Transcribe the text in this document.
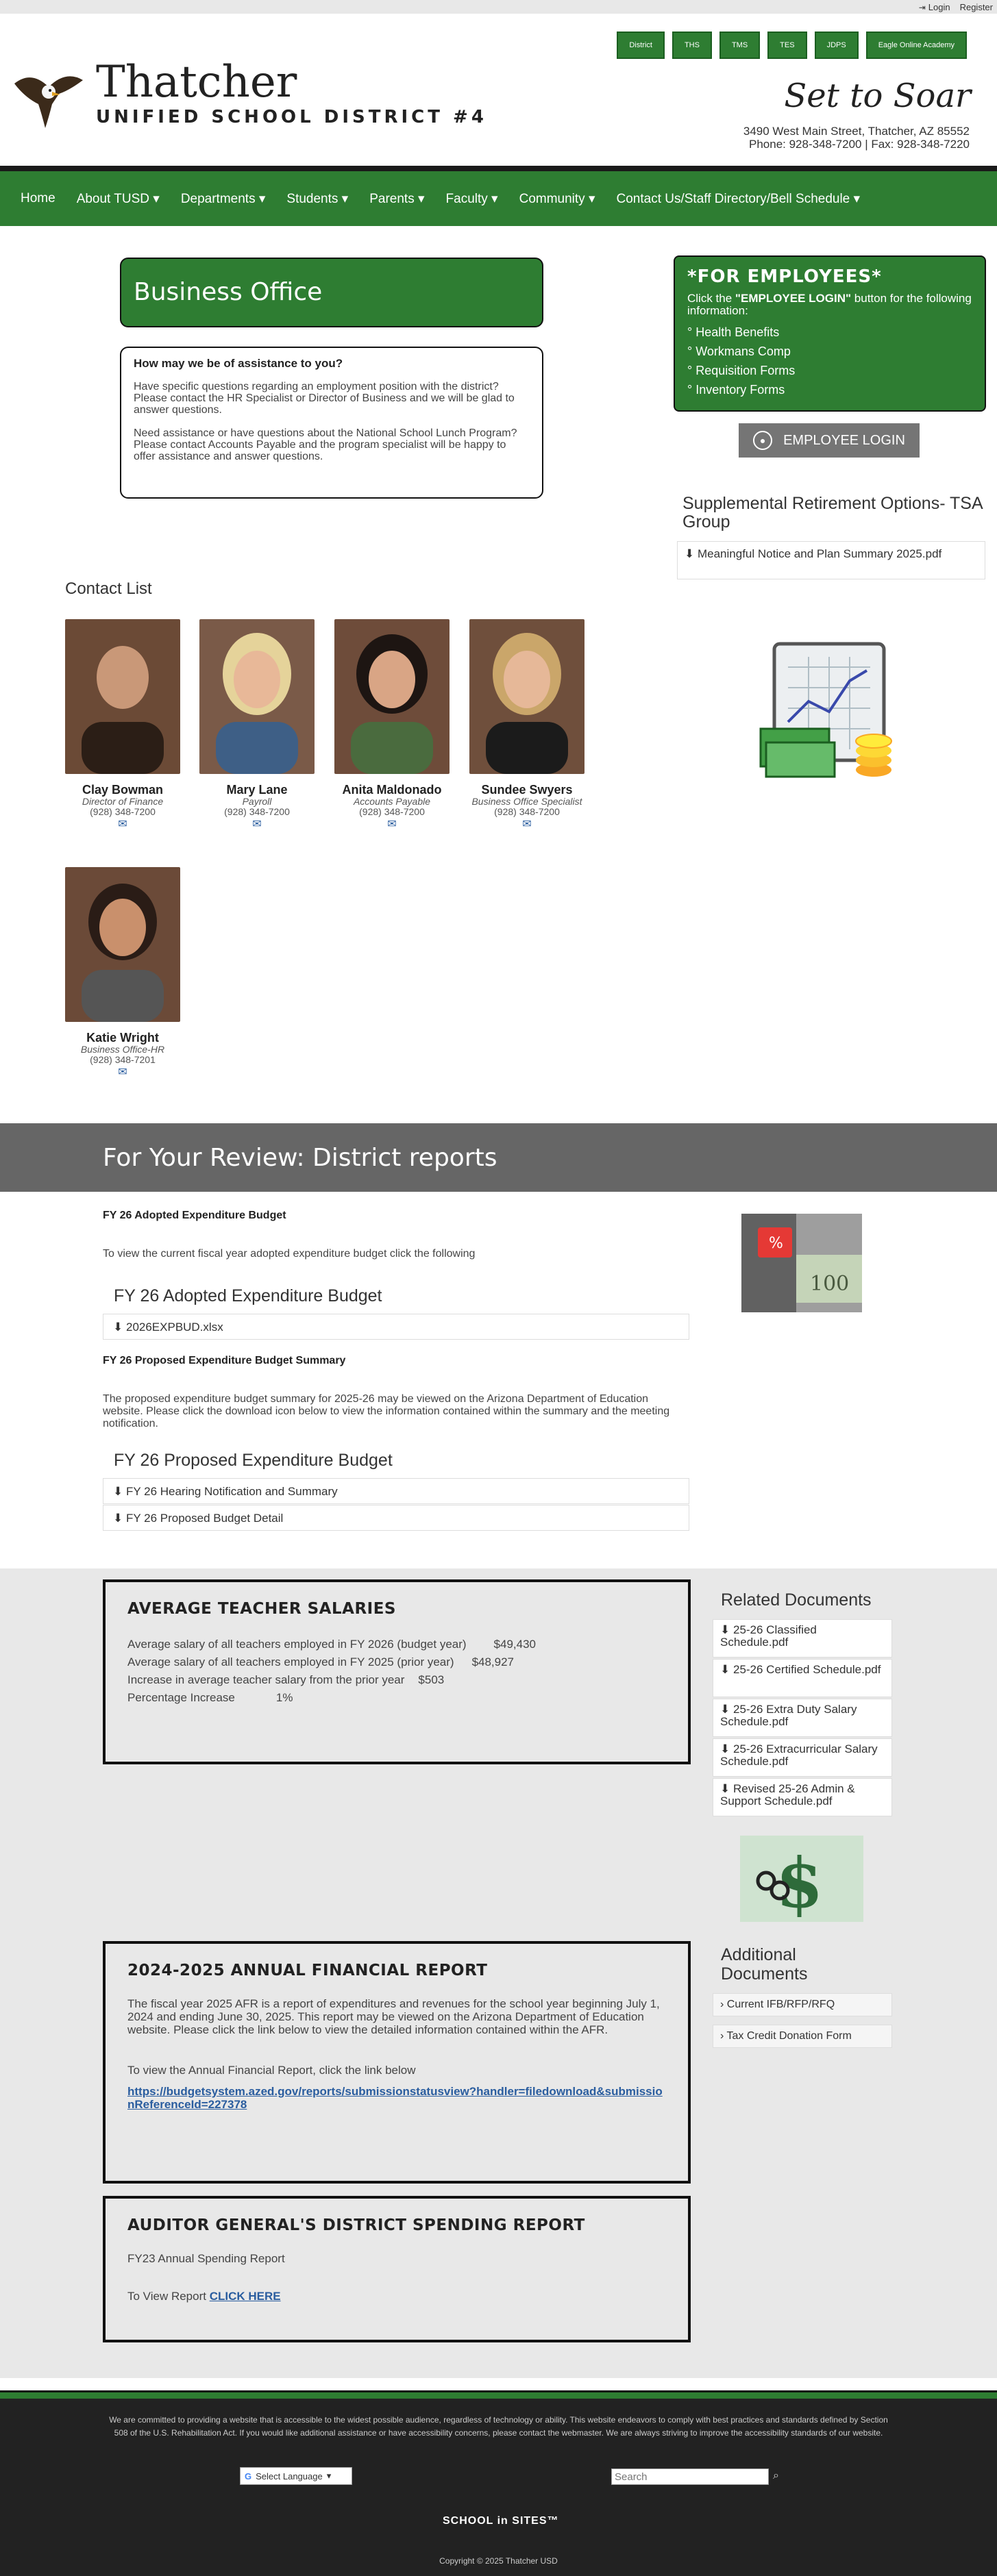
⇥ Login Register
District	THS	TMS	TES	JDPS	Eagle Online Academy
Thatcher
UNIFIED SCHOOL DISTRICT #4
Set to Soar
3490 West Main Street, Thatcher, AZ 85552
Phone: 928-348-7200 | Fax: 928-348-7220
Home About TUSD ▾ Departments ▾ Students ▾ Parents ▾ Faculty ▾ Community ▾ Contact Us/Staff Directory/Bell Schedule ▾
Business Office
How may we be of assistance to you?

Have specific questions regarding an employment position with the district? Please contact the HR Specialist or Director of Business and we will be glad to answer questions.

Need assistance or have questions about the National School Lunch Program? Please contact Accounts Payable and the program specialist will be happy to offer assistance and answer questions.

*FOR EMPLOYEES*

Click the "EMPLOYEE LOGIN" button for the following information:

° Health Benefits
° Workmans Comp
° Requisition Forms
° Inventory Forms
●	EMPLOYEE LOGIN
Supplemental Retirement Options- TSA Group
⬇ Meaningful Notice and Plan Summary 2025.pdf
Contact List
Clay Bowman
Director of Finance
(928) 348-7200
✉
Mary Lane
Payroll
(928) 348-7200
✉
Anita Maldonado
Accounts Payable
(928) 348-7200
✉
Sundee Swyers
Business Office Specialist
(928) 348-7200
✉
Katie Wright
Business Office-HR
(928) 348-7201
✉
For Your Review: District reports
FY 26 Adopted Expenditure Budget
To view the current fiscal year adopted expenditure budget click the following
FY 26 Adopted Expenditure Budget
⬇ 2026EXPBUD.xlsx
FY 26 Proposed Expenditure Budget Summary
The proposed expenditure budget summary for 2025-26 may be viewed on the Arizona Department of Education website. Please click the download icon below to view the information contained within the summary and the meeting notification.
FY 26 Proposed Expenditure Budget
⬇ FY 26 Hearing Notification and Summary
⬇ FY 26 Proposed Budget Detail
%
100
AVERAGE TEACHER SALARIES
Average salary of all teachers employed in FY 2026 (budget year) $49,430
Average salary of all teachers employed in FY 2025 (prior year) $48,927
Increase in average teacher salary from the prior year $503
Percentage Increase	1%
Related Documents
⬇ 25-26 Classified Schedule.pdf
⬇ 25-26 Certified Schedule.pdf
⬇ 25-26 Extra Duty Salary Schedule.pdf
⬇ 25-26 Extracurricular Salary Schedule.pdf
⬇ Revised 25-26 Admin & Support Schedule.pdf
$
2024-2025 ANNUAL FINANCIAL REPORT

The fiscal year 2025 AFR is a report of expenditures and revenues for the school year beginning July 1, 2024 and ending June 30, 2025. This report may be viewed on the Arizona Department of Education website. Please click the link below to view the detailed information contained within the AFR.

To view the Annual Financial Report, click the link below

https://budgetsystem.azed.gov/reports/submissionstatusview?handler=filedownload&submissionReferenceId=227378

Additional Documents
› Current IFB/RFP/RFQ
› Tax Credit Donation Form
AUDITOR GENERAL'S DISTRICT SPENDING REPORT

FY23 Annual Spending Report

To View Report CLICK HERE

We are committed to providing a website that is accessible to the widest possible audience, regardless of technology or ability. This website endeavors to comply with best practices and standards defined by Section 508 of the U.S. Rehabilitation Act. If you would like additional assistance or have accessibility concerns, please contact the webmaster. We are always striving to improve the accessibility standards of our website.
G Select Language ▾
Search	⌕
SCHOOL in SITES™
Copyright © 2025 Thatcher USD
